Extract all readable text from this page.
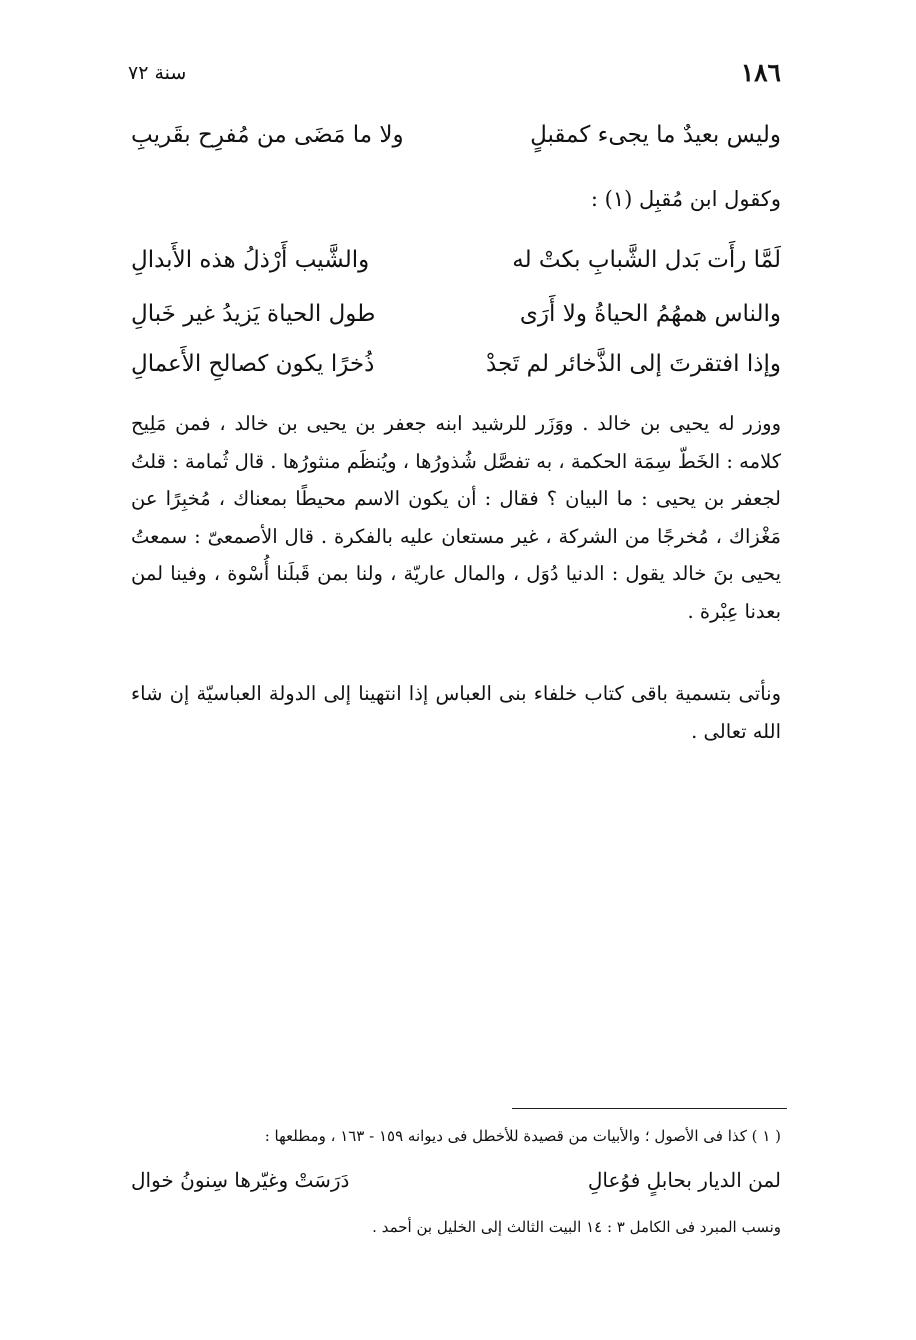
١٨٦
سنة ٧٢
وليس بعيدٌ ما يجىء كمقبلٍ
ولا ما مَضَى من مُفرِح بقَريبِ
وكقول ابن مُقبِل (١) :
لَمَّا رأَت بَدل الشَّبابِ بكتْ له
والشَّيب أَرْذلُ هذه الأَبدالِ
والناس همهُمُ الحياةُ ولا أَرَى
طول الحياة يَزيدُ غير خَبالِ
وإذا افتقرتَ إلى الذَّخائر لم تَجدْ
ذُخرًا يكون كصالحِ الأَعمالِ

ووزر له يحيى بن خالد . ووَزَر للرشيد ابنه جعفر بن يحيى بن خالد ، فمن مَلِيح كلامه : الخَطّ سِمَة الحكمة ، به تفصَّل شُذورُها ، ويُنظَم منثورُها . قال ثُمامة : قلتُ لجعفر بن يحيى : ما البيان ؟ فقال : أن يكون الاسم محيطًا بمعناك ، مُخبِرًا عن مَغْزاك ، مُخرجًا من الشركة ، غير مستعان عليه بالفكرة . قال الأصمعىّ : سمعتُ يحيى بنَ خالد يقول : الدنيا دُوَل ، والمال عاريّة ، ولنا بمن قَبلَنا أُسْوة ، وفينا لمن بعدنا عِبْرة .

ونأتى بتسمية باقى كتاب خلفاء بنى العباس إذا انتهينا إلى الدولة العباسيّة إن شاء الله تعالى .

( ١ ) كذا فى الأصول ؛ والأبيات من قصيدة للأخطل فى ديوانه ١٥٩ - ١٦٣ ، ومطلعها :
لمن الديار بحابلٍ فوُعالِ
دَرَسَتْ وغيّرها سِنونُ خوال
ونسب المبرد فى الكامل ٣ : ١٤ البيت الثالث إلى الخليل بن أحمد .
